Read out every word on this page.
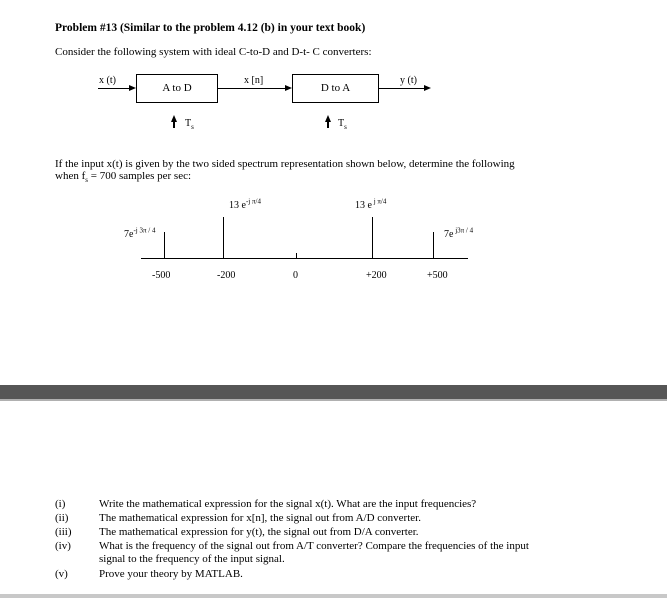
Problem #13 (Similar to the problem 4.12 (b) in your text book)
Consider the following system with ideal C-to-D and D-t- C converters:
x (t)
A to D
x [n]
D to A
y (t)
$T_s$	$T_s$
If the input x(t) is given by the two sided spectrum representation shown below, determine the following
when $f_s = 700$ samples per sec:
$7e^{-j 3\pi / 4}$
13 $e^{-j \pi/4}$	13 e $^{j \pi/4}$
7e $^{j3\pi / 4}$
-500	-200	0	+200	+500
(i)	Write the mathematical expression for the signal x(t). What are the input frequencies?
(ii)	The mathematical expression for x[n], the signal out from A/D converter.
(iii)	The mathematical expression for y(t), the signal out from D/A converter.
(iv)	What is the frequency of the signal out from A/T converter? Compare the frequencies of the input
signal to the frequency of the input signal.
(v)	Prove your theory by MATLAB.
